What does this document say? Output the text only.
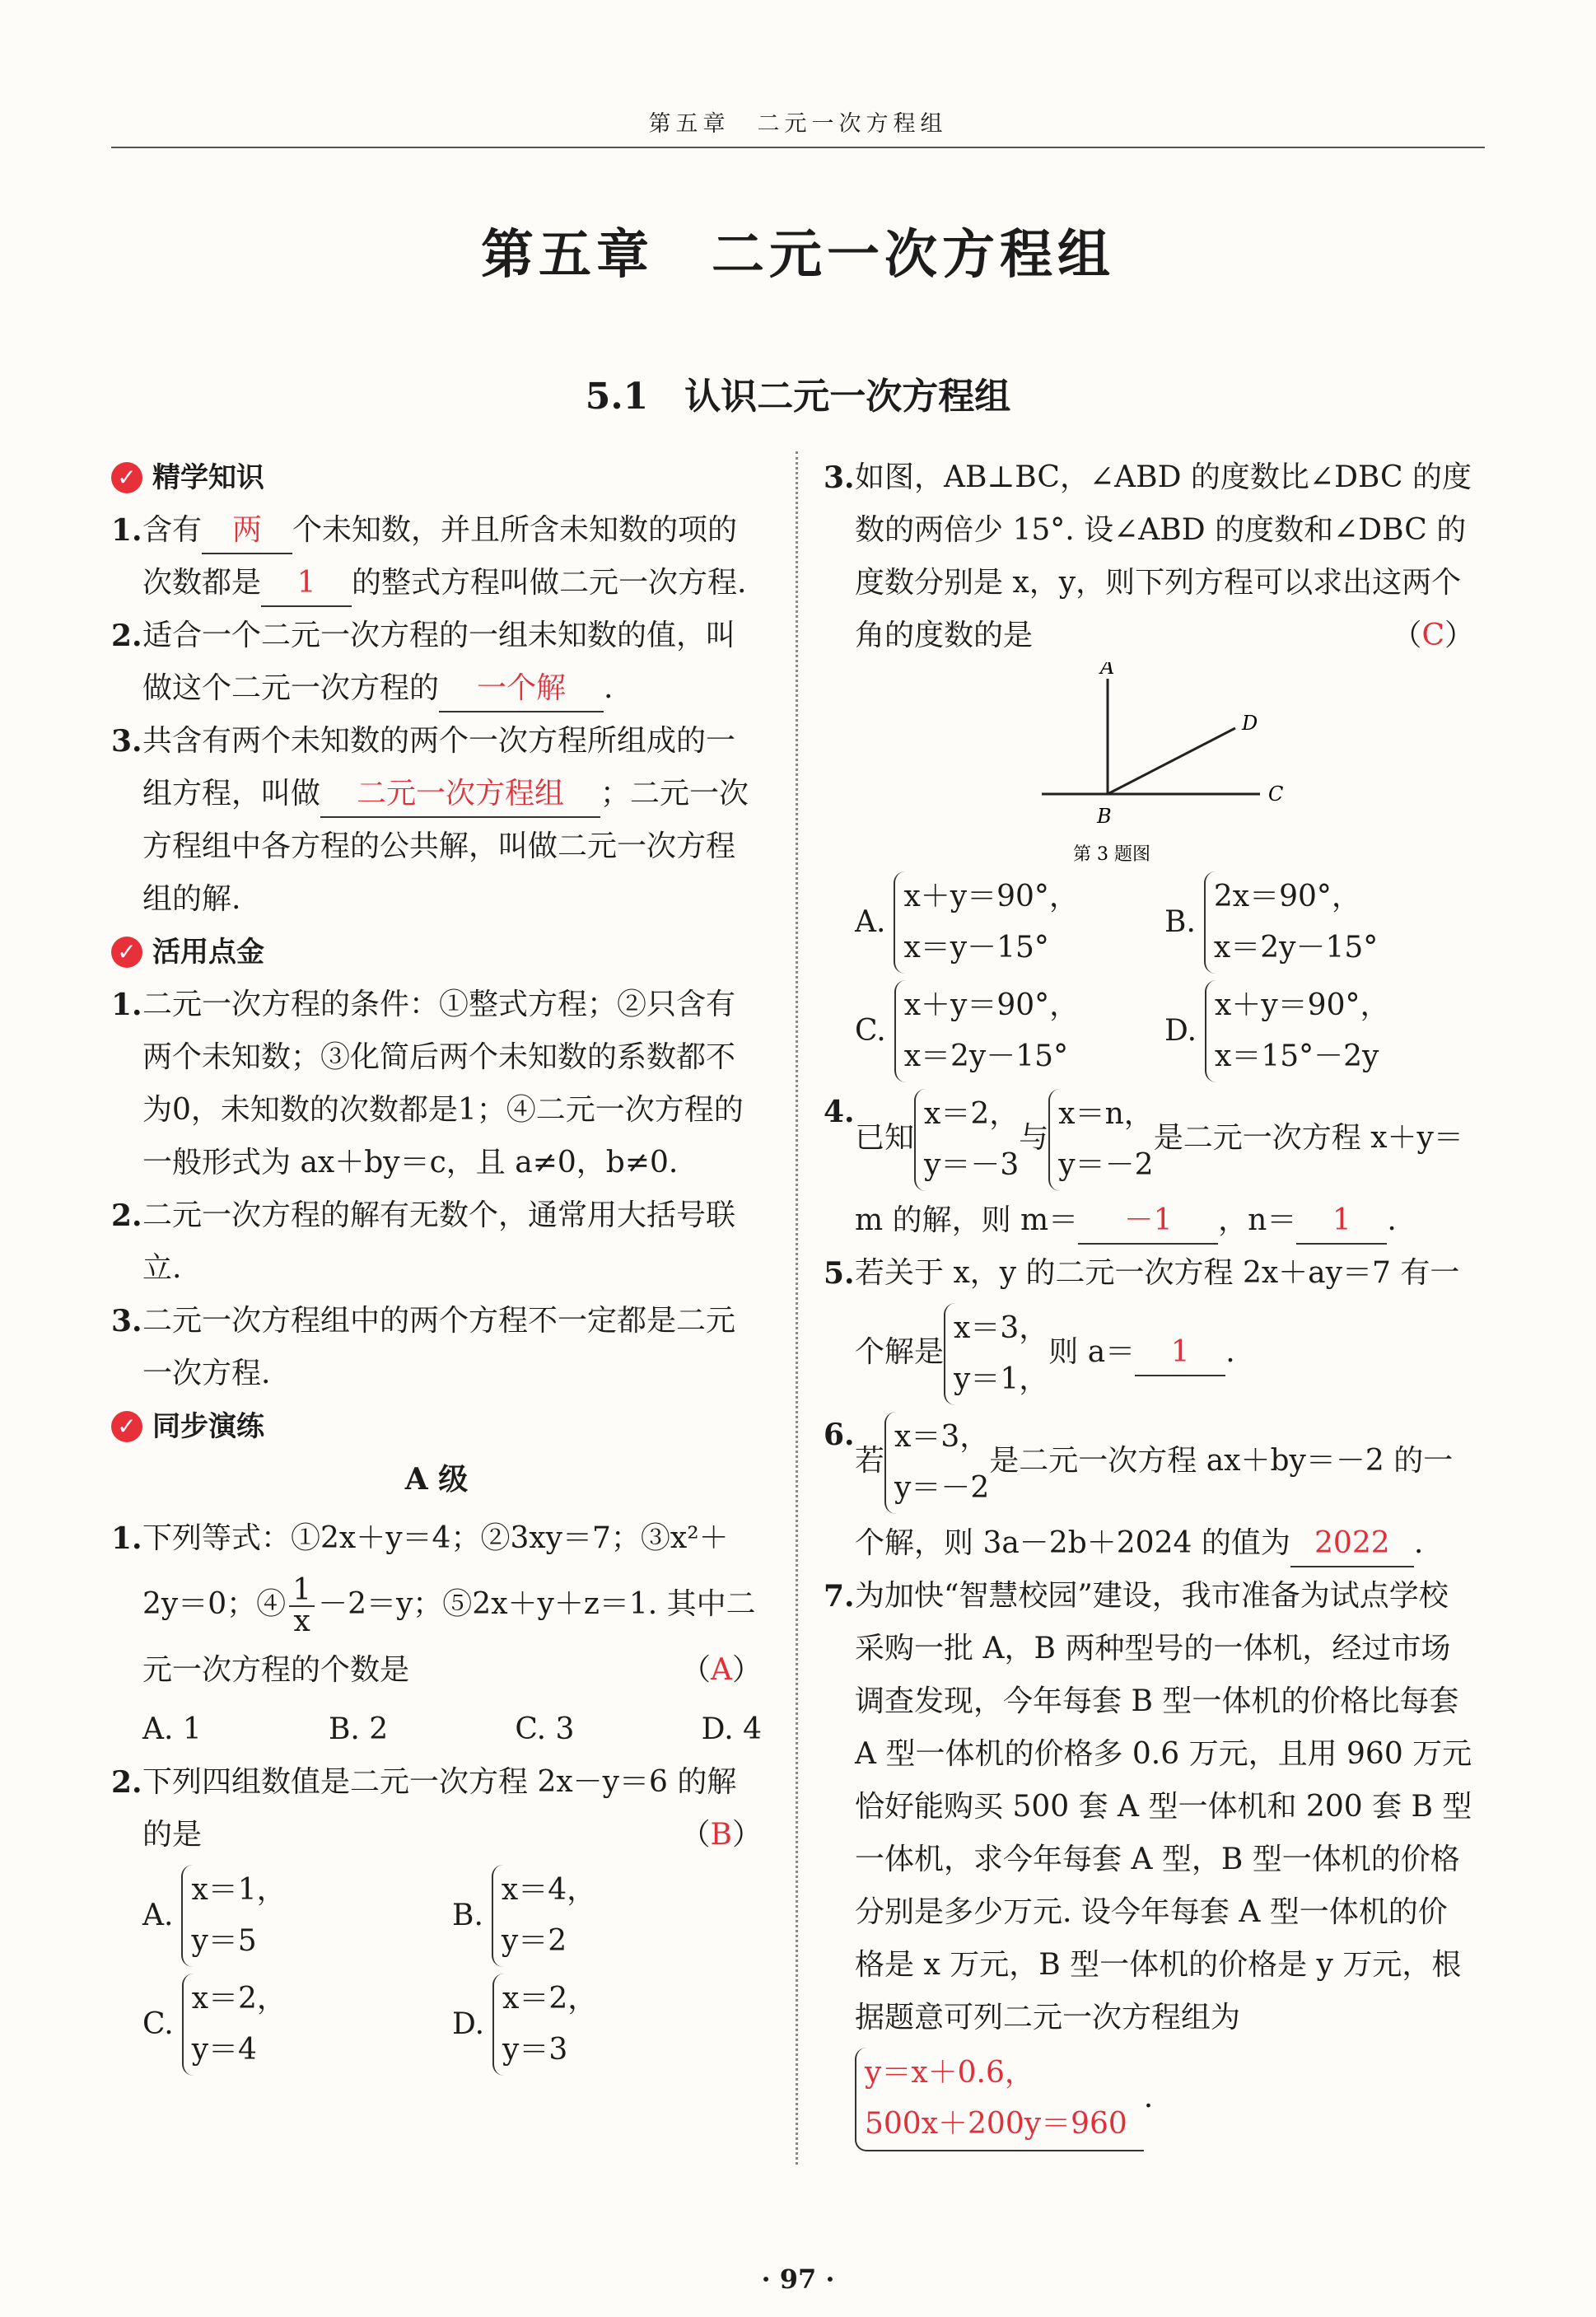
第五章　二元一次方程组
第五章　二元一次方程组
5.1　认识二元一次方程组
✓ 精学知识
1. 含有 两 个未知数，并且所含未知数的项的次数都是 1 的整式方程叫做二元一次方程.
2. 适合一个二元一次方程的一组未知数的值，叫做这个二元一次方程的 一个解 .
3. 共含有两个未知数的两个一次方程所组成的一组方程，叫做 二元一次方程组 ；二元一次方程组中各方程的公共解，叫做二元一次方程组的解.
✓ 活用点金
1. 二元一次方程的条件：①整式方程；②只含有两个未知数；③化简后两个未知数的系数都不为0，未知数的次数都是1；④二元一次方程的一般形式为 ax＋by＝c，且 a≠0，b≠0.
2. 二元一次方程的解有无数个，通常用大括号联立.
3. 二元一次方程组中的两个方程不一定都是二元一次方程.
✓ 同步演练
A 级
1. 下列等式：①2x＋y＝4；②3xy＝7；③x²＋2y＝0；④ $\frac{1}{x} -2=y$；⑤2x＋y＋z＝1. 其中二元一次方程的个数是	（A）
A. 1	B. 2	C. 3	D. 4
2. 下列四组数值是二元一次方程 2x－y＝6 的解的是	（B）
A.
x＝1，
y＝5
B.
x＝4，
y＝2
C.
x＝2，
y＝4
D.
x＝2，
y＝3
3. 如图，AB⊥BC，∠ABD 的度数比∠DBC 的度数的两倍少 15°. 设∠ABD 的度数和∠DBC 的度数分别是 x，y，则下列方程可以求出这两个角的度数的是	（C）
A
B
C
D
第 3 题图
A.
x＋y＝90°，
x＝y－15°
B.
2x＝90°，
x＝2y－15°
C.
x＋y＝90°，
x＝2y－15°
D.
x＋y＝90°，
x＝15°－2y
4.
已知
x＝2，
y＝－3
与
x＝n，
y＝－2
是二元一次方程 x＋y＝m 的解，则 m＝ －1 ，n＝ 1 .
5. 若关于 x，y 的二元一次方程 2x＋ay＝7 有一个解是
x＝3，
y＝1，
则 a＝ 1 .
6.
若
x＝3，
y＝－2
是二元一次方程 ax＋by＝－2 的一个解，则 3a－2b＋2024 的值为 2022 .
7. 为加快“智慧校园”建设，我市准备为试点学校采购一批 A，B 两种型号的一体机，经过市场调查发现，今年每套 B 型一体机的价格比每套 A 型一体机的价格多 0.6 万元，且用 960 万元恰好能购买 500 套 A 型一体机和 200 套 B 型一体机，求今年每套 A 型，B 型一体机的价格分别是多少万元. 设今年每套 A 型一体机的价格是 x 万元，B 型一体机的价格是 y 万元，根据题意可列二元一次方程组为
y＝x＋0.6，
500x＋200y＝960
.
· 97 ·
